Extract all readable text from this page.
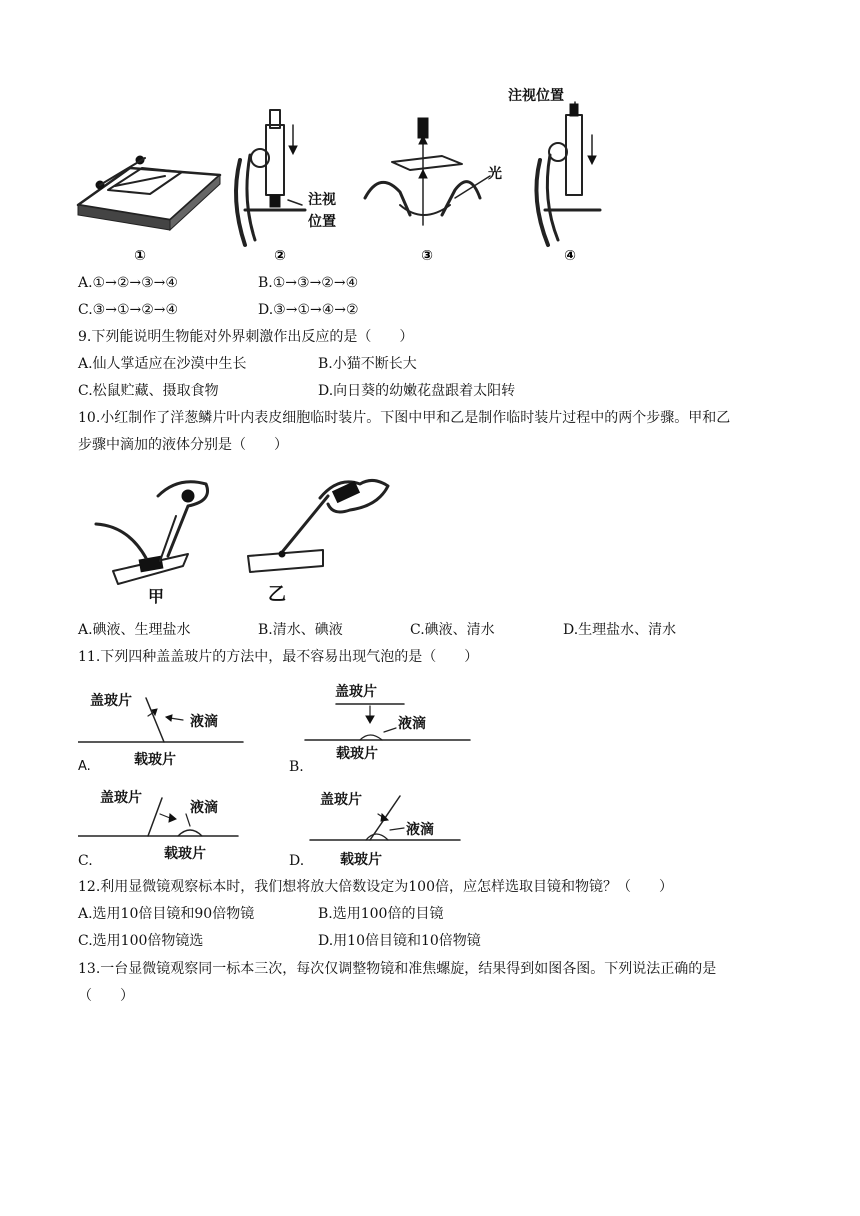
①
注视
位置
②
光
③
注视位置
④
A.①→②→③→④	B.①→③→②→④
C.③→①→②→④	D.③→①→④→②
9.下列能说明生物能对外界刺激作出反应的是（　　）
A.仙人掌适应在沙漠中生长	B.小猫不断长大
C.松鼠贮藏、摄取食物	D.向日葵的幼嫩花盘跟着太阳转
10.小红制作了洋葱鳞片叶内表皮细胞临时装片。下图中甲和乙是制作临时装片过程中的两个步骤。甲和乙
步骤中滴加的液体分别是（　　）
甲	乙
A.碘液、生理盐水	B.清水、碘液	C.碘液、清水	D.生理盐水、清水
11.下列四种盖盖玻片的方法中，最不容易出现气泡的是（　　）
盖玻片
液滴
载玻片
A.
盖玻片
液滴
载玻片
B.
盖玻片
液滴
载玻片
C.
盖玻片
液滴
载玻片
D.
12.利用显微镜观察标本时，我们想将放大倍数设定为100倍，应怎样选取目镜和物镜？（　　）
A.选用10倍目镜和90倍物镜	B.选用100倍的目镜
C.选用100倍物镜选	D.用10倍目镜和10倍物镜
13.一台显微镜观察同一标本三次，每次仅调整物镜和准焦螺旋，结果得到如图各图。下列说法正确的是
（　　）
